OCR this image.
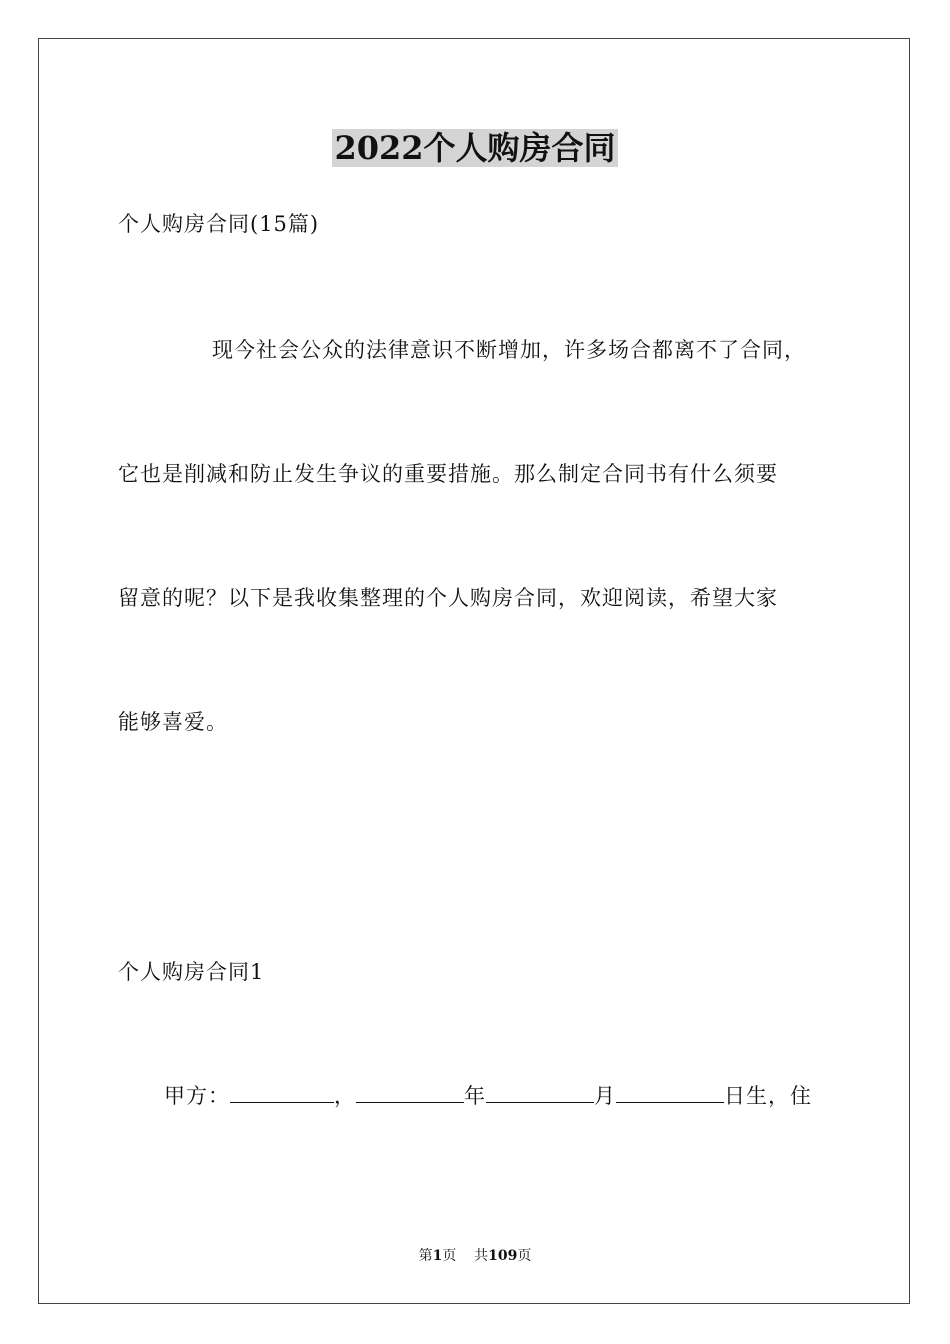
2022个人购房合同
个人购房合同(15篇)
现今社会公众的法律意识不断增加，许多场合都离不了合同，
它也是削减和防止发生争议的重要措施。那么制定合同书有什么须要
留意的呢？以下是我收集整理的个人购房合同，欢迎阅读，希望大家
能够喜爱。
个人购房合同1
甲方：	，	年	月	日生，住
第1页 共109页
